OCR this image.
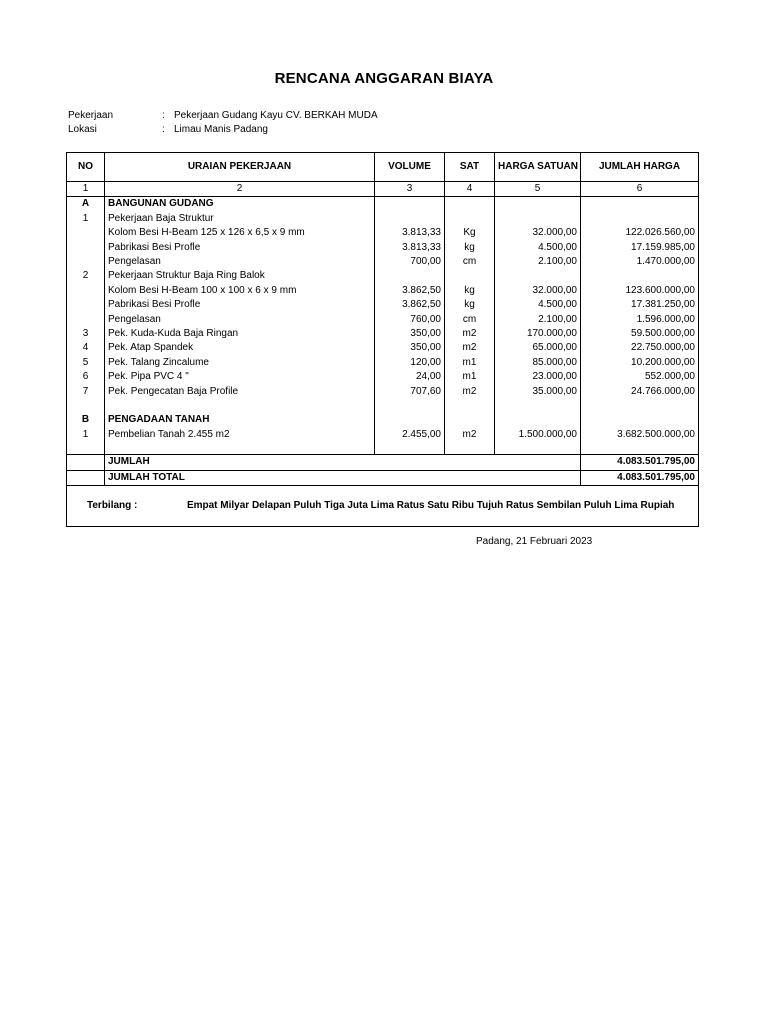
RENCANA ANGGARAN BIAYA
Pekerjaan	: Pekerjaan Gudang Kayu CV. BERKAH MUDA
Lokasi	: Limau Manis Padang
NO	URAIAN PEKERJAAN	VOLUME	SAT	HARGA SATUAN	JUMLAH HARGA
1	2	3	4	5	6
A	BANGUNAN GUDANG				
1	Pekerjaan Baja Struktur				
	Kolom Besi H-Beam 125 x 126 x 6,5 x 9 mm	3.813,33	Kg	32.000,00	122.026.560,00
	Pabrikasi Besi Profle	3.813,33	kg	4.500,00	17.159.985,00
	Pengelasan	700,00	cm	2.100,00	1.470.000,00
2	Pekerjaan Struktur Baja Ring Balok				
	Kolom Besi H-Beam 100 x 100 x 6 x 9 mm	3.862,50	kg	32.000,00	123.600.000,00
	Pabrikasi Besi Profle	3.862,50	kg	4.500,00	17.381.250,00
	Pengelasan	760,00	cm	2.100,00	1.596.000,00
3	Pek. Kuda-Kuda Baja Ringan	350,00	m2	170.000,00	59.500.000,00
4	Pek. Atap Spandek	350,00	m2	65.000,00	22.750.000,00
5	Pek. Talang Zincalume	120,00	m1	85.000,00	10.200.000,00
6	Pek. Pipa PVC 4 "	24,00	m1	23.000,00	552.000,00
7	Pek. Pengecatan Baja Profile	707,60	m2	35.000,00	24.766.000,00

B	PENGADAAN TANAH				
1	Pembelian Tanah 2.455 m2	2.455,00	m2	1.500.000,00	3.682.500.000,00

	JUMLAH				4.083.501.795,00
	JUMLAH TOTAL				4.083.501.795,00
Terbilang : Empat Milyar Delapan Puluh Tiga Juta Lima Ratus Satu Ribu Tujuh Ratus Sembilan Puluh Lima Rupiah					
Padang, 21 Februari 2023
